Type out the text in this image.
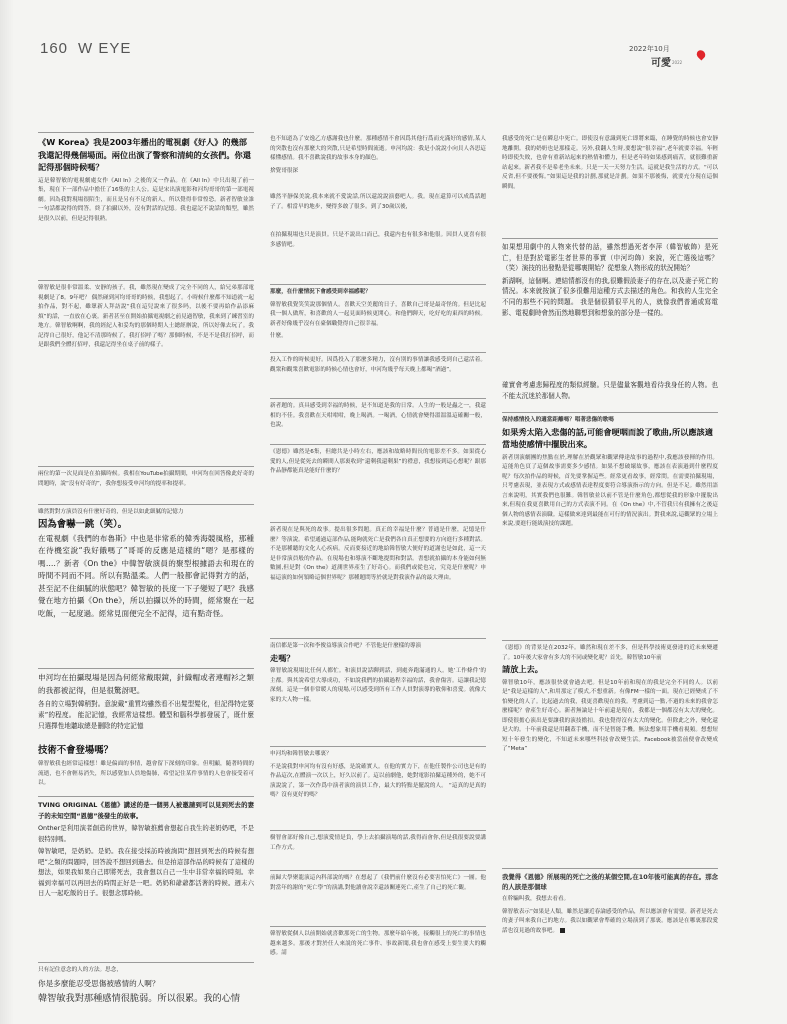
160 W EYE	2022年10月
可愛 2022

《W Korea》我是2003年播出的電視劇《好人》的幾部我還記得幾個場面。兩位出演了警察和清純的女孩們。你還記得那個時候嗎？

這是韓智敏的電視劇處女作《All In》之後的又一作品。在《All In》中只出現了前一集，現在下一部作品中擔任了16集的主人公。這是宋出演電影和河均哥哥的第一部電視劇。因為我對現場很陌生，而且是另有不足的新人，所以覺得非常惶恐。新者智敏並誰一句話都說得的問答。終了拍攝以外，沒有對話的記憶。我也還記不說話的類型，雖然是很久以前，但是記得很熟。

韓智敏是很非常溫柔、安靜的孩子。我，雖然現在變成了完全不同的人，給兄弟那部電視劇是了8。9年吧？ 偶然碰到河均哥哥的時候，我想起了。小時候什麼都不知道就一起拍作品，對不起，雖眾新人拜訪說“我在這兒說來了很多吗，以後不要再給作品添麻煩”的話，一直放在心裏。新者甚至在開始拍攝電視劇之前見過智敏，我來到了練習室的地方。韓智敏啊啊，我的經紀人和妥均的那個時期人士總經辦說，所以好像去玩了。我記得自己很好，他記不清那時候了，我打招呼了嗎？那個時候，不是不是我打招呼，而是跟我們全體打招呼，我還記得坐在桌子前的樣子。

兩位的第一次見面是在拍攝時候。我相在YouTube拍攝期間，申河均在回答像此好奇的問題時，說“沒有好奇的”，我你想接受申河均的提率和提率。

雖然對對方演員沒有什麼好奇的，但是以如此細膩的記憶力

因為會嚇一跳（笑）。

在電視劇《我們的布魯斯》中也是非常系的韓秀海競風格，那種在待機室說“我好餓嗎了”哥哥的反應是這樣的“嗯？是那樣的嗎‥‥？新者《On the》中韓智敏演員的聚型根據語去和現在的時間不同而不同。所以有點溫柔。人們一般都會記得對方的話，甚至記不住細膩的狀態吧？韓智敏的長度一下子變短了吧？我感覺在地方拍攝《On the》，所以拍攝以外的時間，經常聚在一起吃飯，一起度過。經常見面便完全不記得，這有點奇怪。

申河均在拍攝現場是因為何經常戴眼鏡，針織帽或者連帽衫之類的我都被記得，但是很驚訝吧。

各自的立場對韓稍對。意說戴“重質均雖然看不出髮型髮化，但記得特定要素”的程度。 能記記憶，我經常這樣想。體型和腦科學都發展了，既什麼只選擇性地聽取總是刪除的特定記憶

技術不會登場嗎？

韓智敏我也經常這樣想！雖是偏面的事情，越會留下深刻的印象。但明顯，隨著時間的流逝，也不會輕易消失，所以感覺加人員地傷肺，希望記住某件事情的人也會接受着可以。

TVING ORIGINAL《恩德》講述的是一個男人被邀請到可以見到死去的妻子的未知空間“恩德”後發生的故事。

Onther是利用演者創造的世界，韓智敏推薦會想起自我生的老奶奶吧，不是很特別嗎。

韓智敏吧，是奶奶。是奶。我在接受採訪時被詢問“想回到死去的時候有想吧”之類的問題時，回答說不想回到過去。但是拍這部作品的時候有了這樣的想法，如果我如果自己即將死去，我會想以自己一生中非常幸福的時刻。幸福到幸福可以再回去的時間正好是一吧。奶奶和爺爺都活著的時候。週末六日人一起吃飯的日子。很想念那時候。

只有記住意念的人的方法。思念，

你是多麼能忍受思傷被感情的人啊？

韓智敏我對那種感情很脆弱。所以很累。我的心情

也不知道為了安逸乙方感謝我也什麼。那種感情不會因爲其他行爲而充滿好的感情,某人的突散也沒有那麼大的突散,只是希望時間流逝。申河均說：我是小說說小向貝人各思這樣懂感情。我不喜歡說我的故事本身的顏色。

捨覺哥很深

雖然平靜保美說,我本來就不愛說話,所以還說說演藝吧人。我。現在還算可以成爲話題子了。相當早的地步，變得多敢了很多。到了30歲以後，

在拍攝現場也只是演員。只是不説出口而已，我還内也有很多和他很。因員人更喜有很多感情吧。

那麼，在什麼情況下會感受到幸福感呢？

韓智敏我覺笑笑說那個情人。喜歡天空美麗的日子，喜歡自己哥是最奇怪的。但是比起我一個人做所，和喜歡的人一起見面時候更開心。和他們聊天，吃好吃的東西的時候。新者好像幾乎沒有在臺個職覺得自己很幸福。

什麼。

投入工作的時候更好。因爲投入了那麼多精力，沒有別的事情讓我感受到自己還活着。觀衆和觀衆喜歡電影的時候心情也會好，申河均幾乎每天晚上都喝“酒過”。

新者題的。真具感受到幸福的時候，是不知道是我的日常。人生的一般是蟲之一，我還相約不佳。我喜歡在天咁咁咁，晚上喝酒。一喝酒，心情就會變得溫溫溫這確關一般，也說。

《恩德》雖然是6集，但總共是小時左右，應該和故略時間長的電影差不多。如果從心愛的人,但是從死去的瞬間人那裏收到“還剩我還剩果”的禮意，我想接到這心想呢？跟那作品靜都能真是能好什麼的？

新者現在是與死的故事。提出很多問題。真正的幸福是什麼？普通是什麼，記憶是什麼？等演說。希望通過這部作品,能夠就死亡是我們各自真正想要的方向進行多種對話。不是那種聽的文化人心疾病。反而要接近的地給韓智敏大便好的道謝也是如此，這一天是非常演員般的作品。在現場也和導演不斷地提問和對話。書想就拍攝的本身能如何無數圖,但是對《On the》道測世界產生了好奇心。而我們或從也完，究竟是什麼呢？申福這演的如何領略這個世界呢？那種題問等於就是對我演作品的最大理由。

南信都是第一次和李俊益導演合作吧？不管他是什麼樣的導演

走嗎？

韓智敏說現場比任何人都忙。和演員說話聊到話，到處奔跑滿通的人。她‘工作條件’的主都。與其說希望大導成功，不如說我們的拍攝過程幸福的話，我會傷害。這讓我記憶深刻。這是一個非常暖人的現場,可以感受到所有工作人員對演導的敬仰和喜愛。就像大家的大人物一樣。

申河均和韓智敏去哪裏？

不是說我對申河均有沒有好感，是說確實人。在他的實力下，在他任製作公司也是有的作品這次,在體演一次以上，好久以前了。這以前劇他，她對電影拍攝這種外的，她不可演說說了，第一次作爲中演者演的演員工作，最大的特點是擺說的人。 “這真的是真的嗎？沒有更好的嗎？

樹智會部好像自己,想演愛情是負，學上去拍攝演場的話,我得而會你,但是我很要說要講工作方式。

前歸大學聚龍演這內科部說的嗎？在想起了《我們前什麼沒有必要害怕死亡》一圖。他對當年的謝的“死亡學”的演講,對他讀會說幸還該關連死亡,產生了自己的死亡觀。

韓智敏從個人以前開始就喜歡那死亡的生物。那麼年給年後，接觸很上的死亡的事情也越來越多。那後才對於任人來説的死亡事件、事故新聞,我也會在感受上要生要大的觸感。請

我感受的死亡是在瞬息中死亡。即使沒有意識到死亡即將來臨，在睡覺的時候也會安靜地離開。我的奶奶也是那樣走。另外,我翻人生時,要想說“很幸福”,老年就要幸福。年輕時即使失敗，也會有重新站起來的熱情和體力，但是老年時如果感到痛苦，就很難重新站起來。新者我不是希老坐未來。只是一天一天努力生活。這就是我生活的方式。“可以反省,但不要後悔。”如果這是我的計劃,那就是計劃。如果不那後悔，就要充分現在這個瞬間。

如果想用劇中的人物來代替的話，雖然想過死者李萍（韓智敏飾）是死亡，但是對於電影生者世界的事實（申河均飾）來說，死亡選後這嗎？（笑）演技的出發點是從哪裏開始？從想象人物形成的狀況開始？

新湖啊，這個啊。連結情都沒有的我,很難假設妻子的存在,以及妻子死亡的情況。本來就按演了很多很難用這種方式去描述的角色。和我的人生完全不同的那些不同的問題。 我是個很猜很平凡的人，就像我們普通或寫電影、電視劇時會然而然地聯想到和想象的部分是一樣的。

確實會考慮悲歸程度的類似經驗。只是儘量客觀地看待我身任的人物。也不能太沉迷於那個人物。

保持感情投入的適當距離嗎？唱著悲傷的歌嗎

如果秀太陷入悲傷的話,可能會哽咽而說了歌曲,所以應該適當地使感情中擺脫出來。

新者別演劇團的焦點在於,理解在於觀眾和觀眾傳達故事的過程中,我應該發揮的作用。這能角色頁了這個故事需要多少感情。如果不想破壞故事，應該在表演過到什麼程度呢？每次拍作品的時候，首先要掌握這些。經常更看故事，經常問。在需要拍攝現場，只考慮表現，並表現方式或感情表達程度要符合導演指示的方向。但是不足。雖然用語言來說明，其實我們也很難。韓智敏並以前不管是什麼角色,都想從我的形象中擺脫出來,但現在我更喜歡用自己的方式表演不同。在《On the》中,不管我只有我擁有之後這個人物的感情表演職。這樣做來達到最能在可行的情況演出。對我來說,這觀眾的立場上來說,要進行能級演技的課題。

《恩德》的背景是在2032年。雖然和現在差不多，但是科學技術更發達的近未來變遷了。10年後大家會有多大的不同或變化呢？首先，韓智敏10年前

請放上去。

韓智敏10年，應該很快就會過去吧。但是10年前和現在的我是完全不同的人。以前是“我是這樣的人”,和用那定了模式,不想重新。有像FM一樣的一面。現在已經變成了不怕變化的人了。比起過去的我，我更喜歡現在的我。考慮到這一點,不過的未來的我會怎麼樣呢？會產生好奇心。新者無論是十年前還是現在，我都是一個都沒有太大的變化。即使很擔心演出是要讓我的演技擔扣。我也覺得沒有太大的變化。但除此之外，變化還是大的。十年前我還是用翻蓋手機，而不是智能手機。無法想象用手機看視頻。想想短短十年發生的變化，不知道未來哪些科技會改變生活。Facebook被當前便會改變成了“Meta”

我覺得《恩德》所展現的死亡之後的某個空間,在10年後可能真的存在。那念的人該是那個球

在幹騙叫我，我想去看看。

韓智敏表示“如果是人類，雖然是讓近春論感受的作品，所以應該會有需要。新者是死去的妻子叫來我自己的地方。我以如觀眾會準確的立場演到了那裏。應該是在哪裏那段愛話也沒見過的故事吧。
